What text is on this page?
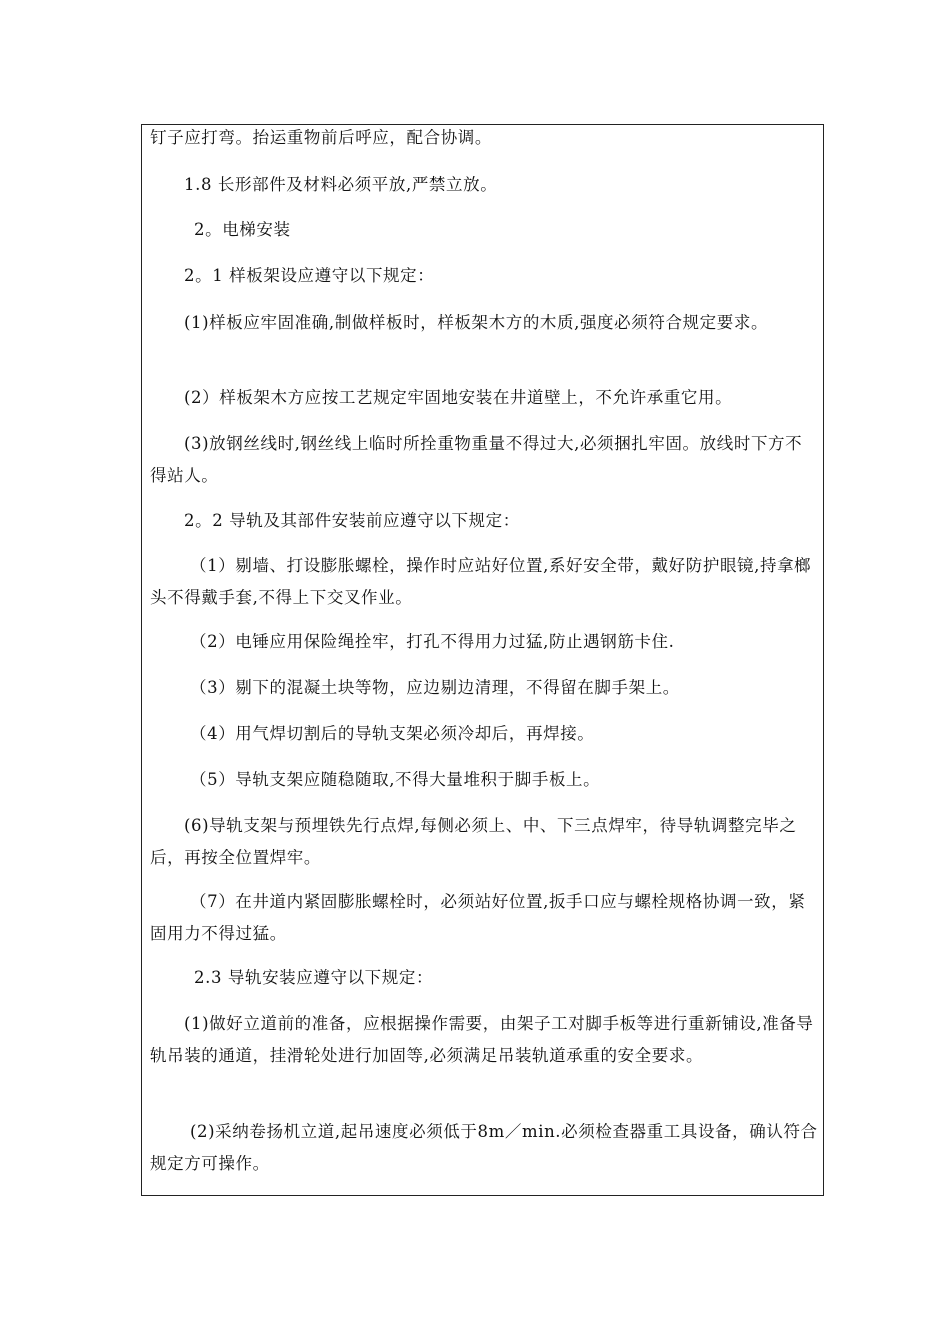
钉子应打弯。抬运重物前后呼应，配合协调。

1.8 长形部件及材料必须平放,严禁立放。

2。电梯安装

2。1 样板架设应遵守以下规定：

(1)样板应牢固准确,制做样板时，样板架木方的木质,强度必须符合规定要求。

(2）样板架木方应按工艺规定牢固地安装在井道壁上，不允许承重它用。

(3)放钢丝线时,钢丝线上临时所拴重物重量不得过大,必须捆扎牢固。放线时下方不得站人。

2。2 导轨及其部件安装前应遵守以下规定：

（1）剔墙、打设膨胀螺栓，操作时应站好位置,系好安全带，戴好防护眼镜,持拿榔头不得戴手套,不得上下交叉作业。

（2）电锤应用保险绳拴牢，打孔不得用力过猛,防止遇钢筋卡住.

（3）剔下的混凝土块等物，应边剔边清理，不得留在脚手架上。

（4）用气焊切割后的导轨支架必须冷却后，再焊接。

（5）导轨支架应随稳随取,不得大量堆积于脚手板上。

(6)导轨支架与预埋铁先行点焊,每侧必须上、中、下三点焊牢，待导轨调整完毕之后，再按全位置焊牢。

（7）在井道内紧固膨胀螺栓时，必须站好位置,扳手口应与螺栓规格协调一致，紧固用力不得过猛。

2.3 导轨安装应遵守以下规定：

(1)做好立道前的准备，应根据操作需要，由架子工对脚手板等进行重新铺设,准备导轨吊装的通道，挂滑轮处进行加固等,必须满足吊装轨道承重的安全要求。

(2)采纳卷扬机立道,起吊速度必须低于8m／min.必须检查器重工具设备，确认符合规定方可操作。
